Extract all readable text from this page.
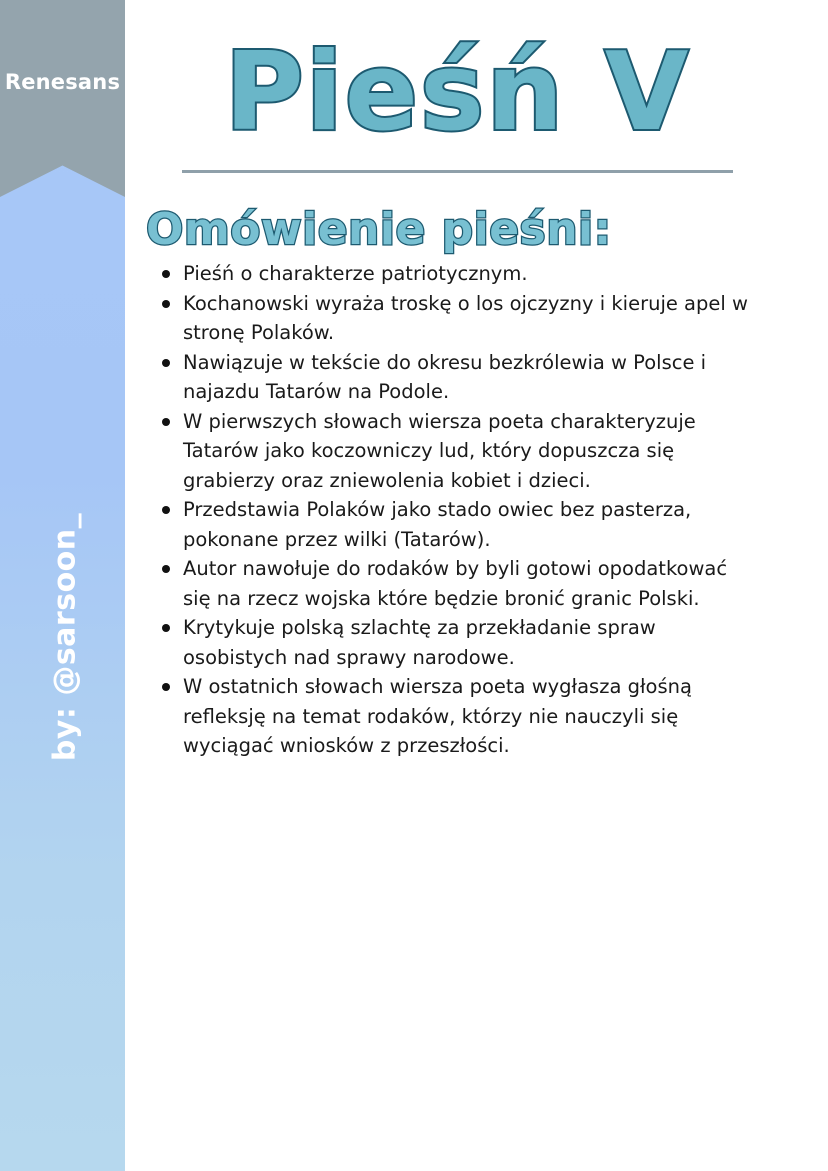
Renesans
by: @sarsoon_
Pieśń V
Omówienie pieśni:
Pieśń o charakterze patriotycznym.
Kochanowski wyraża troskę o los ojczyzny i kieruje apel w stronę Polaków.
Nawiązuje w tekście do okresu bezkrólewia w Polsce i najazdu Tatarów na Podole.
W pierwszych słowach wiersza poeta charakteryzuje Tatarów jako koczowniczy lud, który dopuszcza się grabierzy oraz zniewolenia kobiet i dzieci.
Przedstawia Polaków jako stado owiec bez pasterza, pokonane przez wilki (Tatarów).
Autor nawołuje do rodaków by byli gotowi opodatkować się na rzecz wojska które będzie bronić granic Polski.
Krytykuje polską szlachtę za przekładanie spraw osobistych nad sprawy narodowe.
W ostatnich słowach wiersza poeta wygłasza głośną refleksję na temat rodaków, którzy nie nauczyli się wyciągać wniosków z przeszłości.
